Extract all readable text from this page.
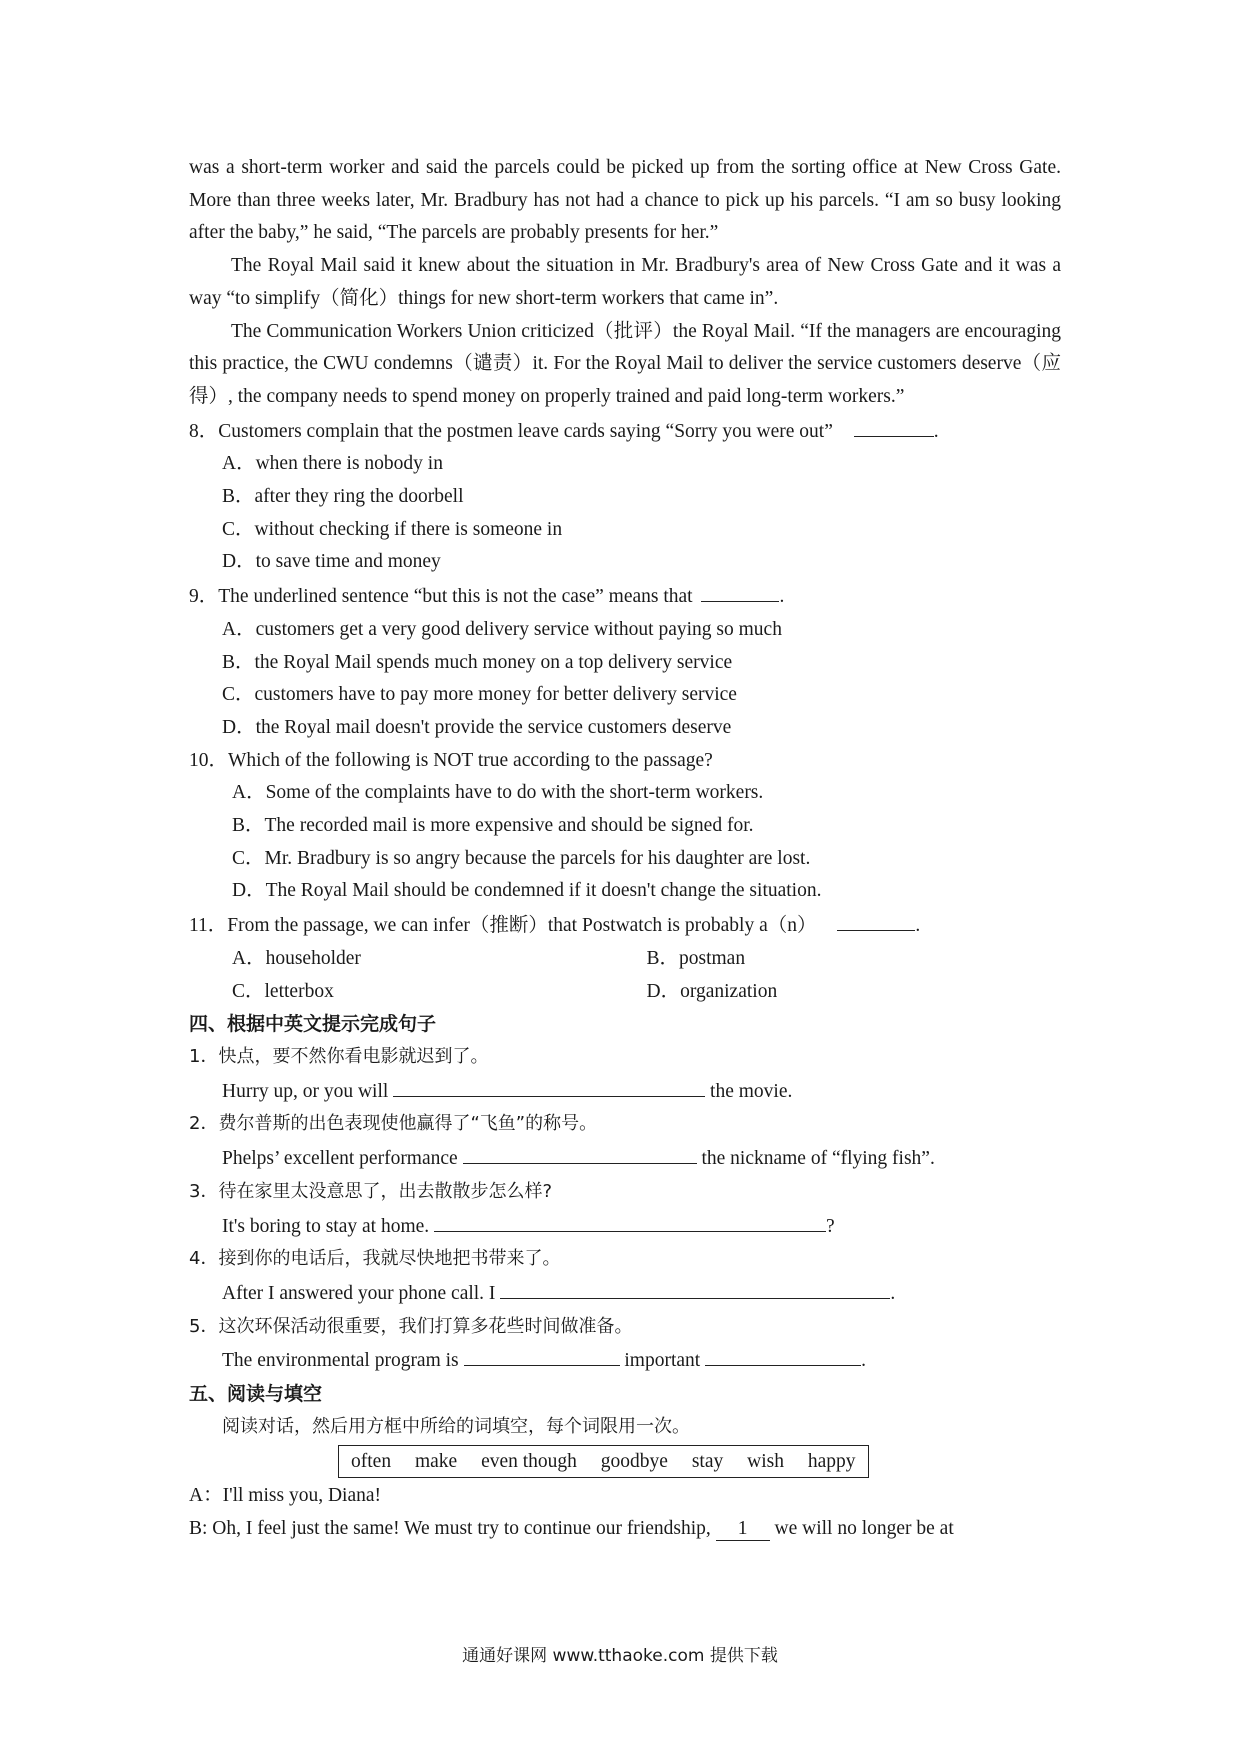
was a short-term worker and said the parcels could be picked up from the sorting office at New Cross Gate. More than three weeks later, Mr. Bradbury has not had a chance to pick up his parcels. “I am so busy looking after the baby,” he said, “The parcels are probably presents for her.”

The Royal Mail said it knew about the situation in Mr. Bradbury's area of New Cross Gate and it was a way “to simplify（简化）things for new short-term workers that came in”.

The Communication Workers Union criticized（批评）the Royal Mail. “If the managers are encouraging this practice, the CWU condemns（谴责）it. For the Royal Mail to deliver the service customers deserve（应得）, the company needs to spend money on properly trained and paid long-term workers.”

8．Customers complain that the postmen leave cards saying “Sorry you were out”	.

A．when there is nobody in

B．after they ring the doorbell

C．without checking if there is someone in

D．to save time and money

9．The underlined sentence “but this is not the case” means that	.

A．customers get a very good delivery service without paying so much

B．the Royal Mail spends much money on a top delivery service

C．customers have to pay more money for better delivery service

D．the Royal mail doesn't provide the service customers deserve

10．Which of the following is NOT true according to the passage?

A．Some of the complaints have to do with the short-term workers.

B．The recorded mail is more expensive and should be signed for.

C．Mr. Bradbury is so angry because the parcels for his daughter are lost.

D．The Royal Mail should be condemned if it doesn't change the situation.

11．From the passage, we can infer（推断）that Postwatch is probably a（n）	.

A．householder	B．postman
C．letterbox	D．organization

四、根据中英文提示完成句子

1．快点，要不然你看电影就迟到了。

Hurry up, or you will	the movie.

2．费尔普斯的出色表现使他赢得了“飞鱼”的称号。

Phelps’ excellent performance	the nickname of “flying fish”.

3．待在家里太没意思了，出去散散步怎么样?

It's boring to stay at home.	?

4．接到你的电话后，我就尽快地把书带来了。

After I answered your phone call. I	.

5．这次环保活动很重要，我们打算多花些时间做准备。

The environmental program is	important	.

五、阅读与填空

阅读对话，然后用方框中所给的词填空，每个词限用一次。

often make even though goodbye stay wish happy

A：I'll miss you, Diana!

B: Oh, I feel just the same! We must try to continue our friendship, 1 we will no longer be at

通通好课网 www.tthaoke.com 提供下载
